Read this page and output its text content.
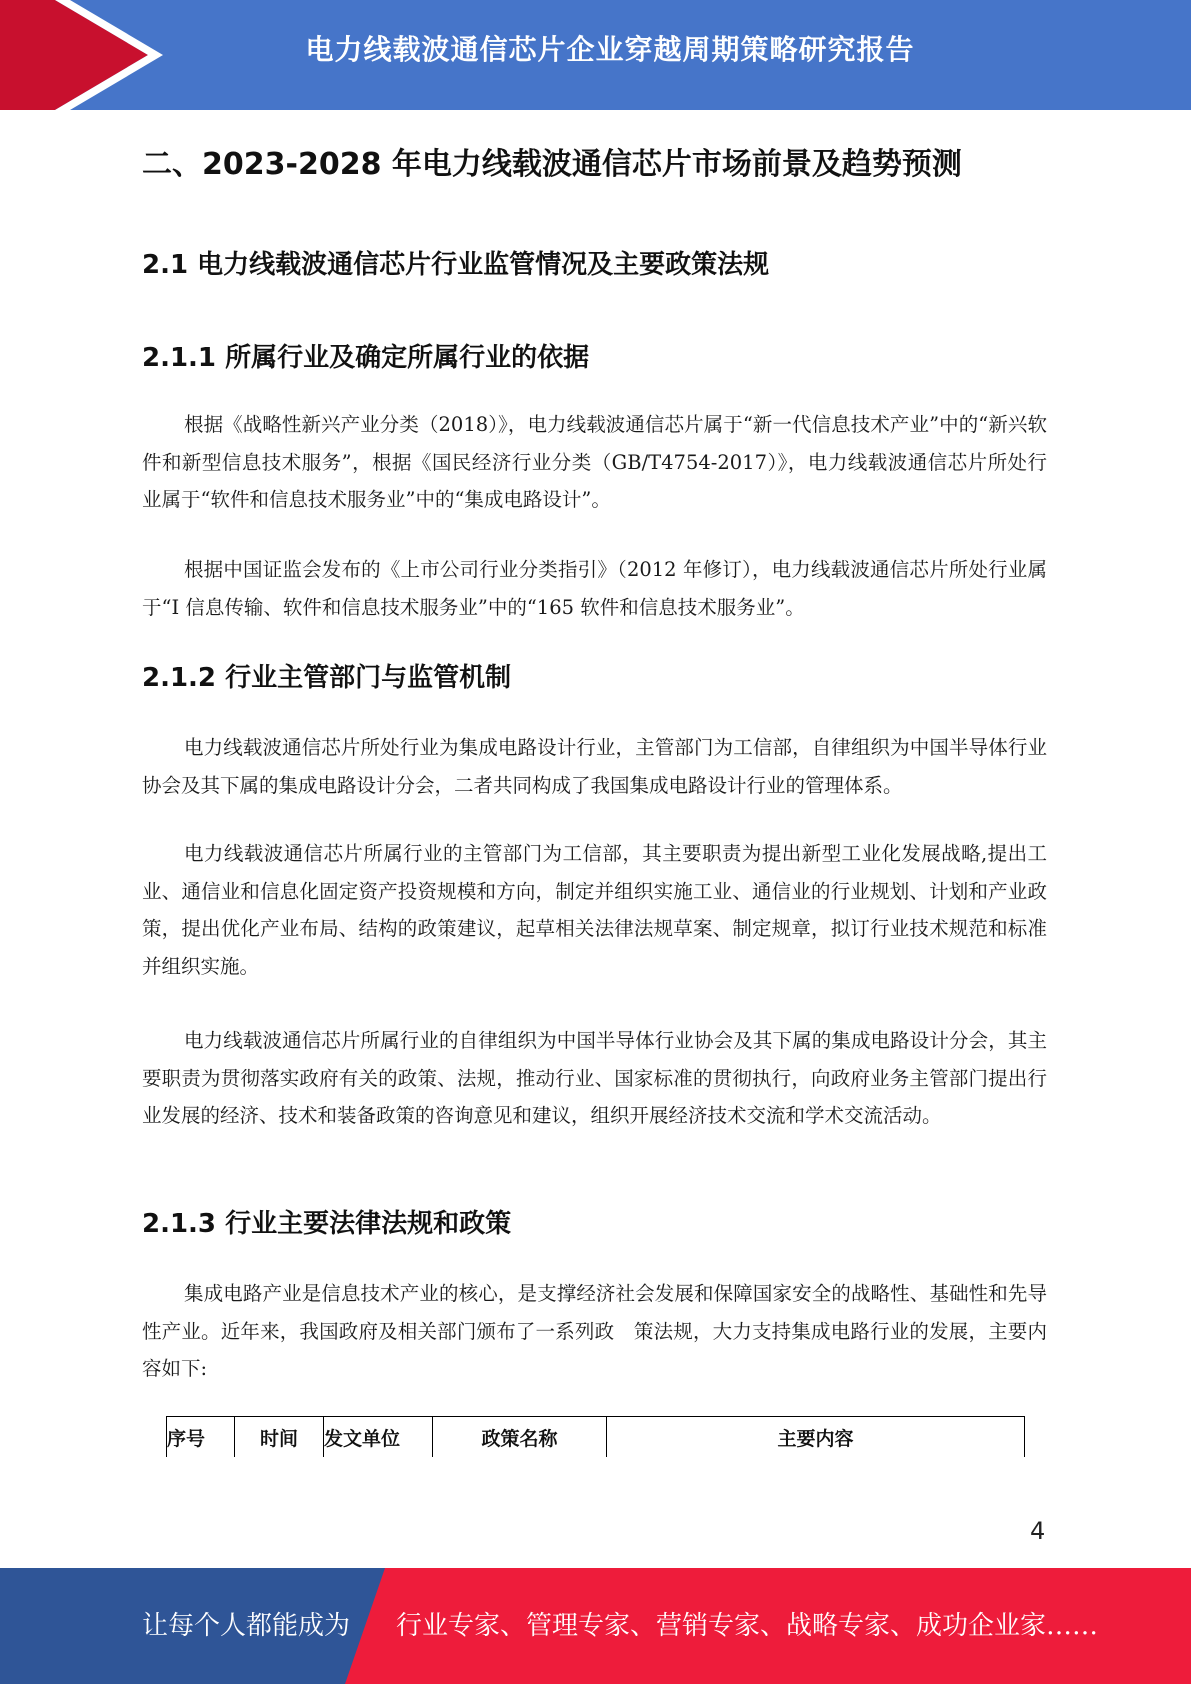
电力线载波通信芯片企业穿越周期策略研究报告
二、2023-2028 年电力线载波通信芯片市场前景及趋势预测
2.1 电力线载波通信芯片行业监管情况及主要政策法规
2.1.1 所属行业及确定所属行业的依据

根据《战略性新兴产业分类（2018）》，电力线载波通信芯片属于“新一代信息技术产业”中的“新兴软件和新型信息技术服务”，根据《国民经济行业分类（GB/T4754-2017）》，电力线载波通信芯片所处行业属于“软件和信息技术服务业”中的“集成电路设计”。

根据中国证监会发布的《上市公司行业分类指引》（2012 年修订），电力线载波通信芯片所处行业属于“I 信息传输、软件和信息技术服务业”中的“165 软件和信息技术服务业”。

2.1.2 行业主管部门与监管机制

电力线载波通信芯片所处行业为集成电路设计行业，主管部门为工信部，自律组织为中国半导体行业协会及其下属的集成电路设计分会，二者共同构成了我国集成电路设计行业的管理体系。

电力线载波通信芯片所属行业的主管部门为工信部，其主要职责为提出新型工业化发展战略,提出工业、通信业和信息化固定资产投资规模和方向，制定并组织实施工业、通信业的行业规划、计划和产业政策，提出优化产业布局、结构的政策建议，起草相关法律法规草案、制定规章，拟订行业技术规范和标准并组织实施。

电力线载波通信芯片所属行业的自律组织为中国半导体行业协会及其下属的集成电路设计分会，其主要职责为贯彻落实政府有关的政策、法规，推动行业、国家标准的贯彻执行，向政府业务主管部门提出行业发展的经济、技术和装备政策的咨询意见和建议，组织开展经济技术交流和学术交流活动。

2.1.3 行业主要法律法规和政策

集成电路产业是信息技术产业的核心，是支撑经济社会发展和保障国家安全的战略性、基础性和先导性产业。近年来，我国政府及相关部门颁布了一系列政　策法规，大力支持集成电路行业的发展，主要内容如下:

序号	时间	发文单位	政策名称	主要内容
4
让每个人都能成为 行业专家、管理专家、营销专家、战略专家、成功企业家……
